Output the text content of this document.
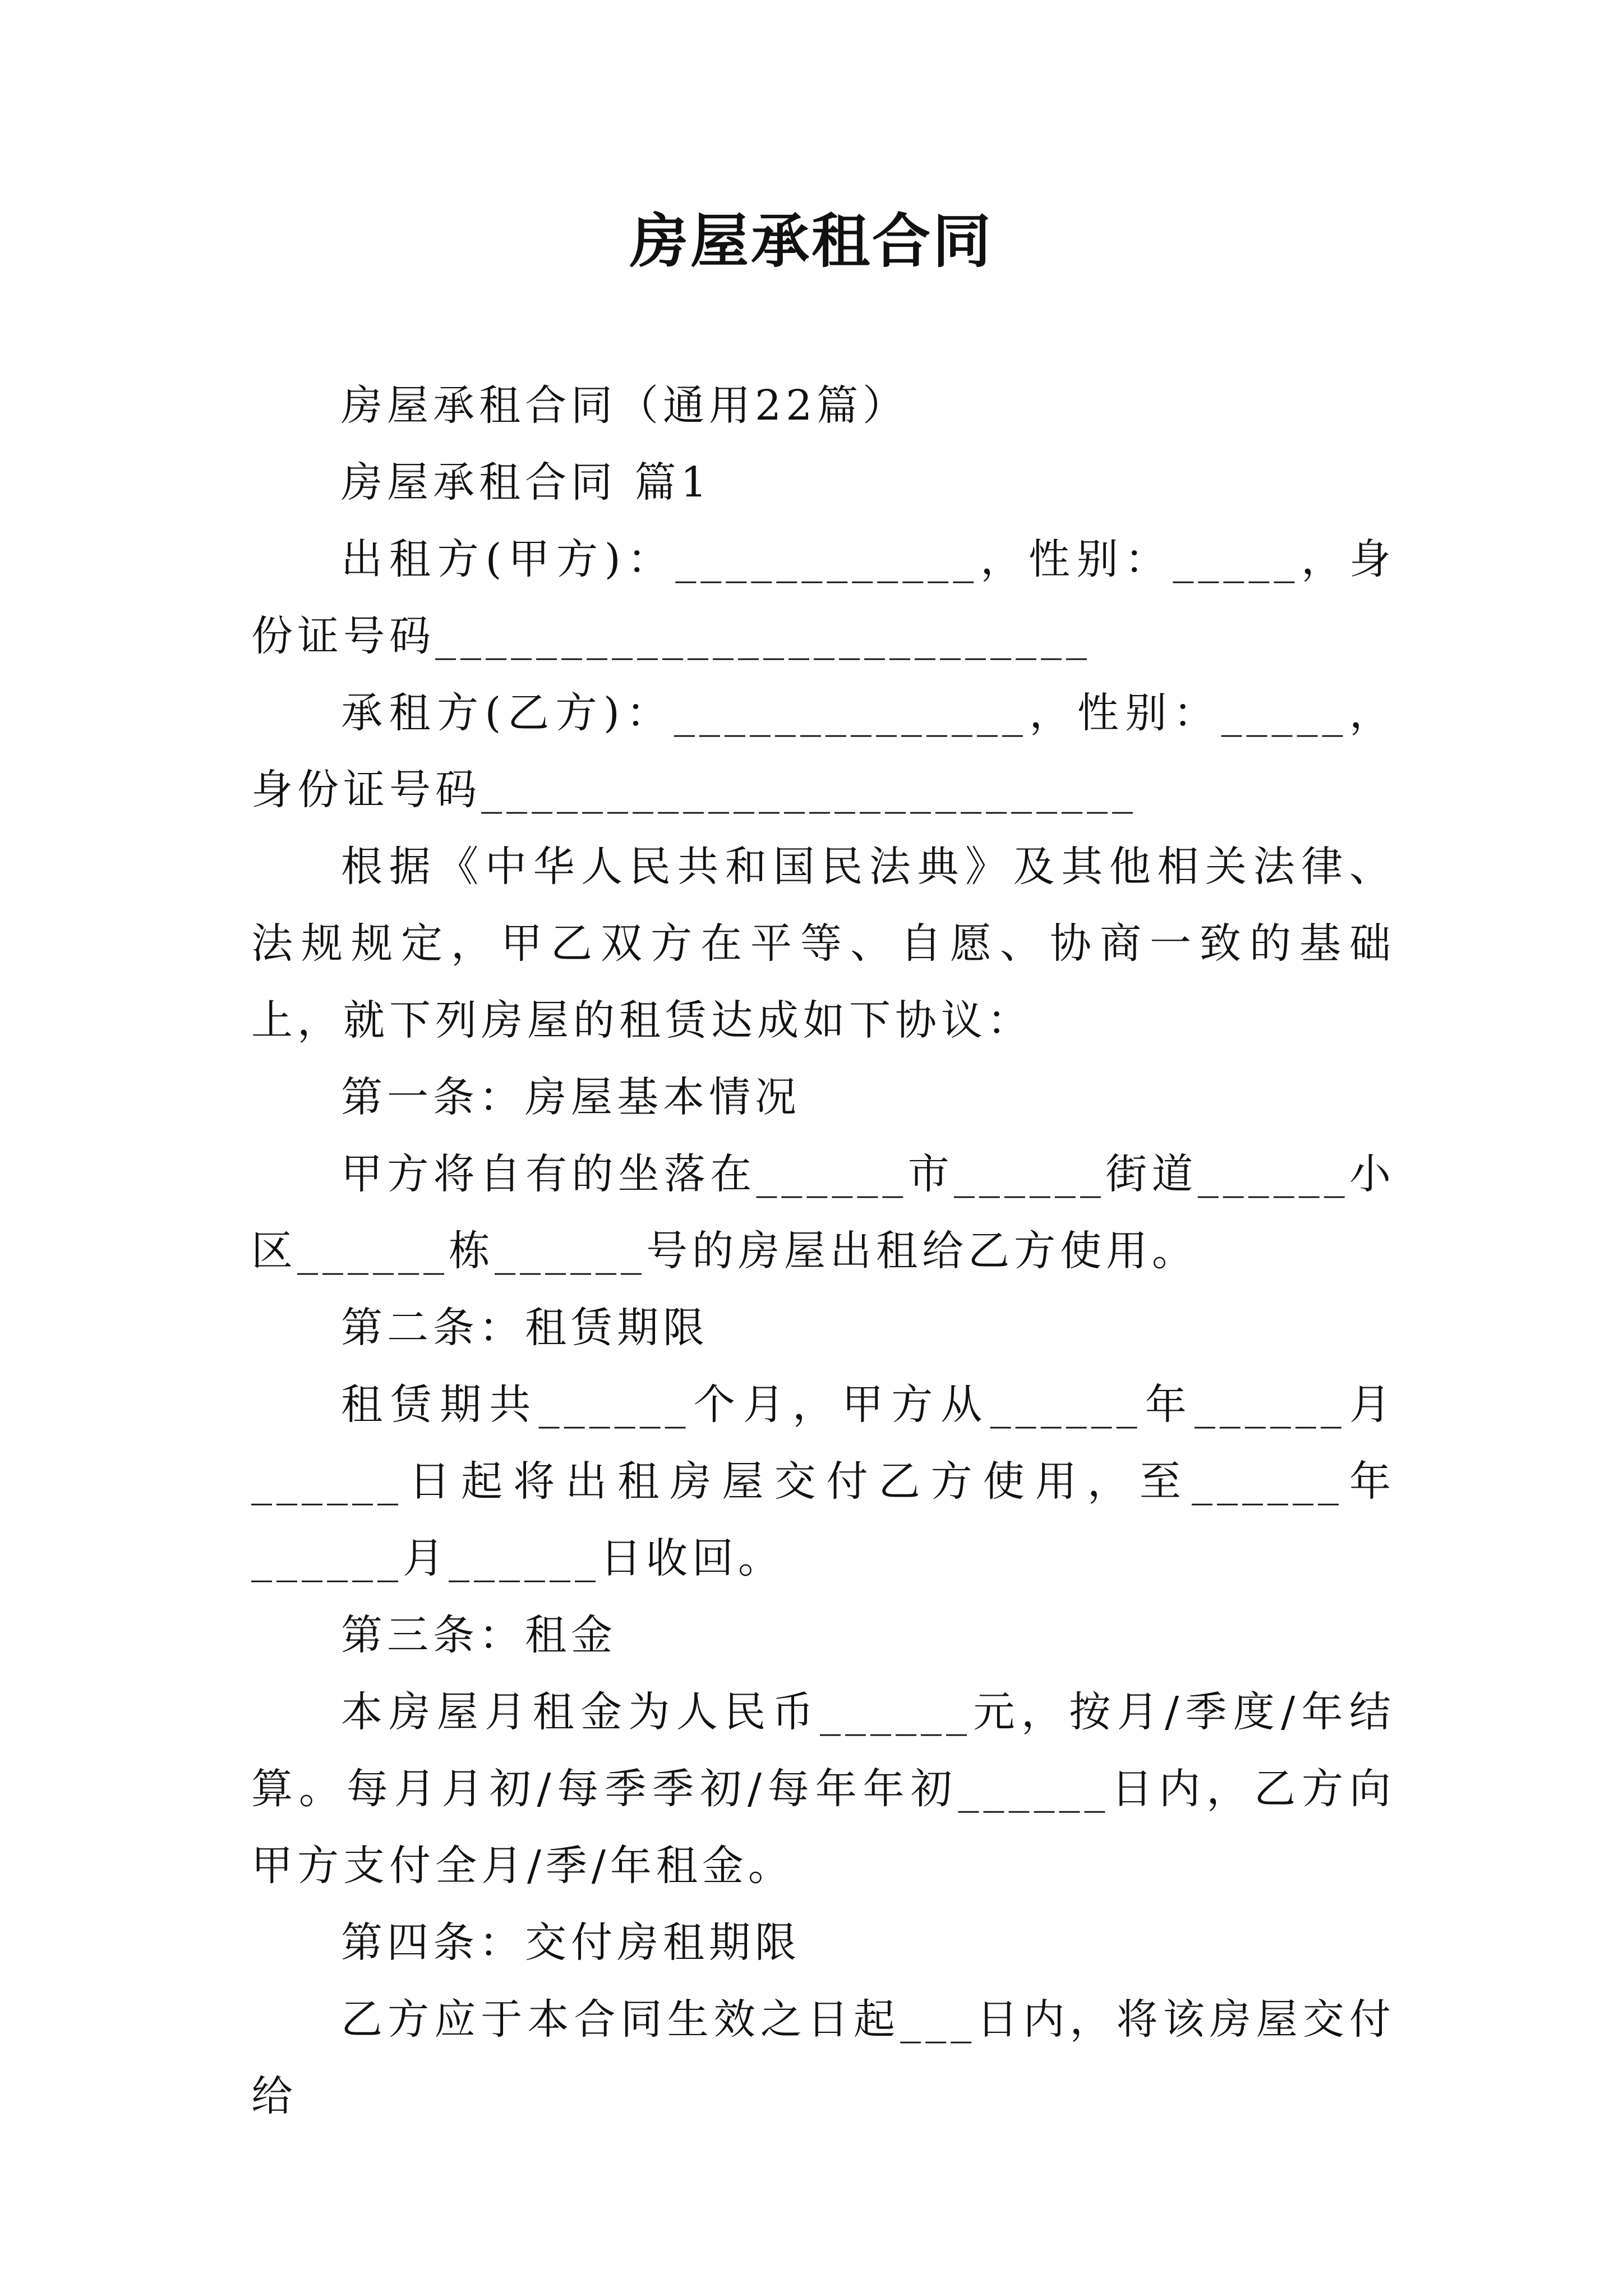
房屋承租合同

房屋承租合同（通用22篇）

房屋承租合同 篇1

出租方(甲方)：____________，性别：_____，身份证号码__________________________

承租方(乙方)：______________，性别：_____，身份证号码__________________________

根据《中华人民共和国民法典》及其他相关法律、法规规定，甲乙双方在平等、自愿、协商一致的基础上，就下列房屋的租赁达成如下协议：

第一条：房屋基本情况

甲方将自有的坐落在______市______街道______小区______栋______号的房屋出租给乙方使用。

第二条：租赁期限

租赁期共______个月，甲方从______年______月______日起将出租房屋交付乙方使用，至______年______月______日收回。

第三条：租金

本房屋月租金为人民币______元，按月/季度/年结算。每月月初/每季季初/每年年初______日内，乙方向甲方支付全月/季/年租金。

第四条：交付房租期限

乙方应于本合同生效之日起___日内，将该房屋交付给
